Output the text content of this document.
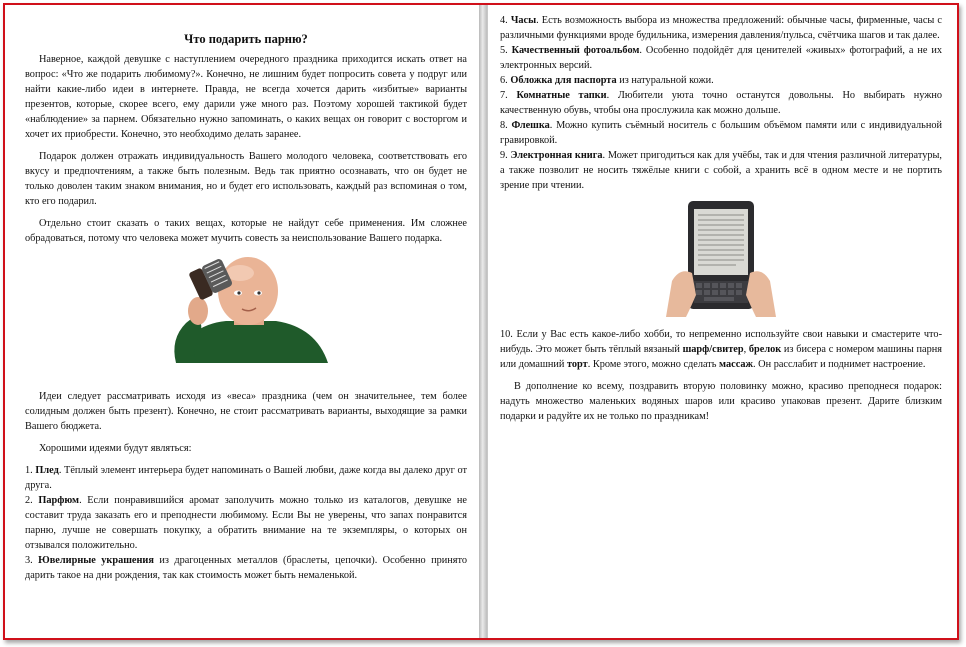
Что подарить парню?

Наверное, каждой девушке с наступлением очередного праздника приходится искать ответ на вопрос: «Что же подарить любимому?». Конечно, не лишним будет попросить совета у подруг или найти какие-либо идеи в интернете. Правда, не всегда хочется дарить «избитые» варианты презентов, которые, скорее всего, ему дарили уже много раз. Поэтому хорошей тактикой будет «наблюдение» за парнем. Обязательно нужно запоминать, о каких вещах он говорит с восторгом и хочет их приобрести. Конечно, это необходимо делать заранее.

Подарок должен отражать индивидуальность Вашего молодого человека, соответствовать его вкусу и предпочтениям, а также быть полезным. Ведь так приятно осознавать, что он будет не только доволен таким знаком внимания, но и будет его использовать, каждый раз вспоминая о том, кто его подарил.

Отдельно стоит сказать о таких вещах, которые не найдут себе применения. Им сложнее обрадоваться, потому что человека может мучить совесть за неиспользование Вашего подарка.

Идеи следует рассматривать исходя из «веса» праздника (чем он значительнее, тем более солидным должен быть презент). Конечно, не стоит рассматривать варианты, выходящие за рамки Вашего бюджета.

Хорошими идеями будут являться:

1. Плед. Тёплый элемент интерьера будет напоминать о Вашей любви, даже когда вы далеко друг от друга.

2. Парфюм. Если понравившийся аромат заполучить можно только из каталогов, девушке не составит труда заказать его и преподнести любимому. Если Вы не уверены, что запах понравится парню, лучше не совершать покупку, а обратить внимание на те экземпляры, о которых он отзывался положительно.

3. Ювелирные украшения из драгоценных металлов (браслеты, цепочки). Особенно принято дарить такое на дни рождения, так как стоимость может быть немаленькой.

4. Часы. Есть возможность выбора из множества предложений: обычные часы, фирменные, часы с различными функциями вроде будильника, измерения давления/пульса, счётчика шагов и так далее.

5. Качественный фотоальбом. Особенно подойдёт для ценителей «живых» фотографий, а не их электронных версий.

6. Обложка для паспорта из натуральной кожи.

7. Комнатные тапки. Любители уюта точно останутся довольны. Но выбирать нужно качественную обувь, чтобы она прослужила как можно дольше.

8. Флешка. Можно купить съёмный носитель с большим объёмом памяти или с индивидуальной гравировкой.

9. Электронная книга. Может пригодиться как для учёбы, так и для чтения различной литературы, а также позволит не носить тяжёлые книги с собой, а хранить всё в одном месте и не портить зрение при чтении.

10. Если у Вас есть какое-либо хобби, то непременно используйте свои навыки и смастерите что-нибудь. Это может быть тёплый вязаный шарф/свитер, брелок из бисера с номером машины парня или домашний торт. Кроме этого, можно сделать массаж. Он расслабит и поднимет настроение.

В дополнение ко всему, поздравить вторую половинку можно, красиво преподнеся подарок: надуть множество маленьких водяных шаров или красиво упаковав презент. Дарите близким подарки и радуйте их не только по праздникам!
